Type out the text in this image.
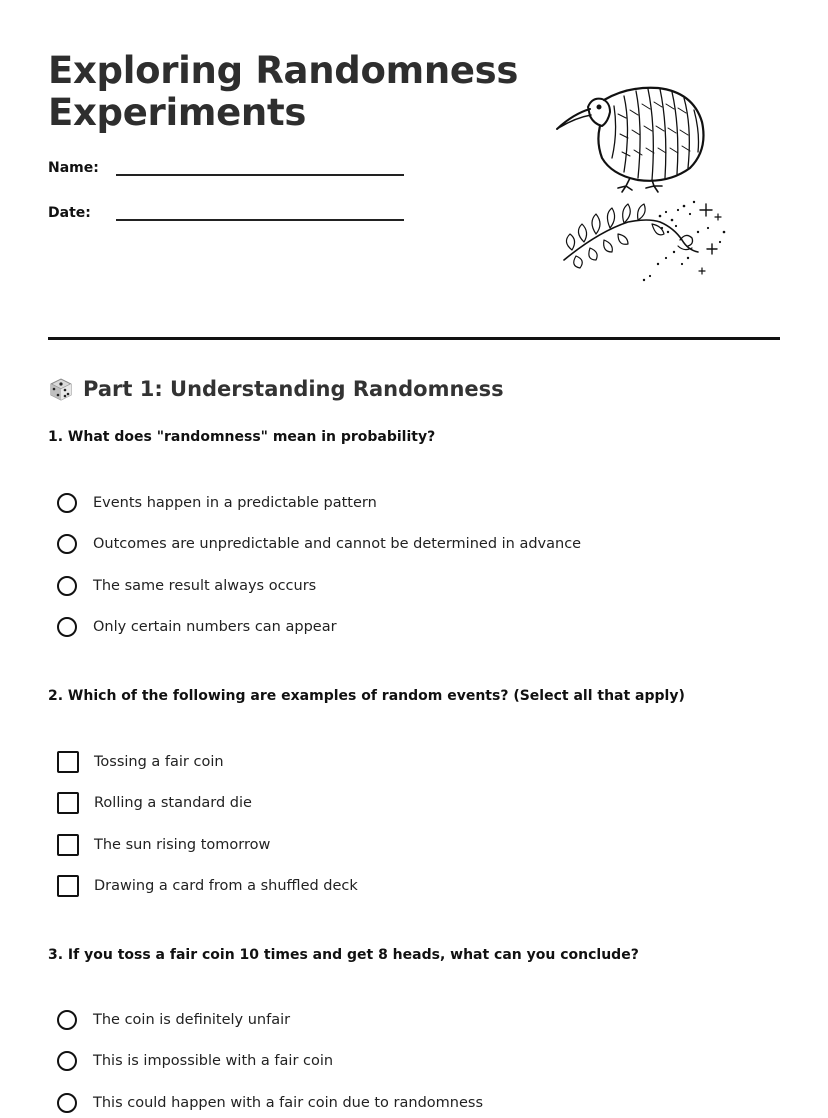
Exploring Randomness
Experiments
Name:
Date:
Part 1: Understanding Randomness

1. What does "randomness" mean in probability?

Events happen in a predictable pattern
Outcomes are unpredictable and cannot be determined in advance
The same result always occurs
Only certain numbers can appear

2. Which of the following are examples of random events? (Select all that apply)

Tossing a fair coin
Rolling a standard die
The sun rising tomorrow
Drawing a card from a shuffled deck

3. If you toss a fair coin 10 times and get 8 heads, what can you conclude?

The coin is definitely unfair
This is impossible with a fair coin
This could happen with a fair coin due to randomness
